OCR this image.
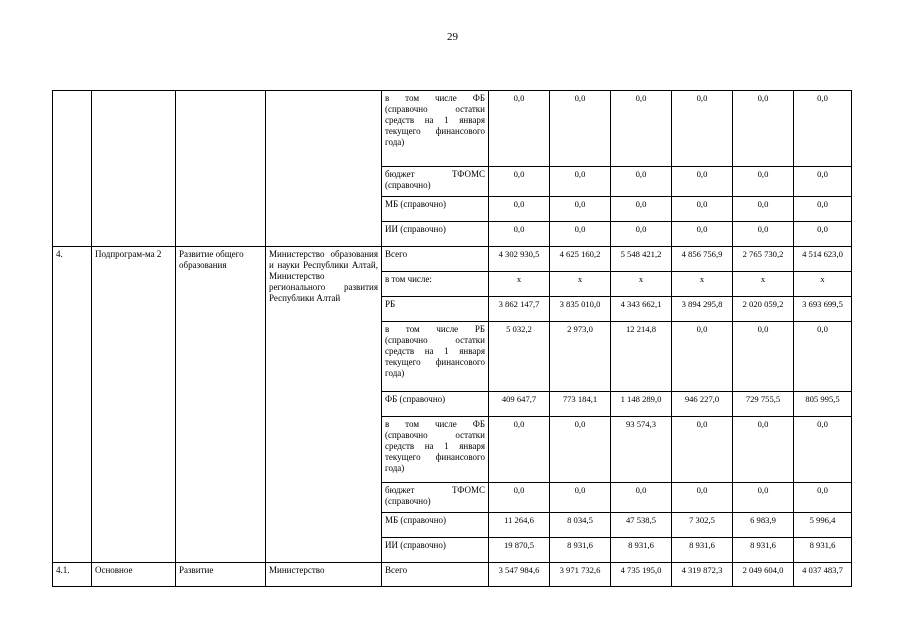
29
				в том числе ФБ (справочно остатки средств на 1 января текущего финансового года)	0,0	0,0	0,0	0,0	0,0	0,0
				бюджет ТФОМС (справочно)	0,0	0,0	0,0	0,0	0,0	0,0
				МБ (справочно)	0,0	0,0	0,0	0,0	0,0	0,0
				ИИ (справочно)	0,0	0,0	0,0	0,0	0,0	0,0
4.	Подпрограм-ма 2	Развитие общего образования	Министерство образования и науки Республики Алтай, Министерство регионального развития Республики Алтай	Всего	4 302 930,5	4 625 160,2	5 548 421,2	4 856 756,9	2 765 730,2	4 514 623,0
				в том числе:	х	х	х	х	х	х
				РБ	3 862 147,7	3 835 010,0	4 343 662,1	3 894 295,8	2 020 059,2	3 693 699,5
				в том числе РБ (справочно остатки средств на 1 января текущего финансового года)	5 032,2	2 973,0	12 214,8	0,0	0,0	0,0
				ФБ (справочно)	409 647,7	773 184,1	1 148 289,0	946 227,0	729 755,5	805 995,5
				в том числе ФБ (справочно остатки средств на 1 января текущего финансового года)	0,0	0,0	93 574,3	0,0	0,0	0,0
				бюджет ТФОМС (справочно)	0,0	0,0	0,0	0,0	0,0	0,0
				МБ (справочно)	11 264,6	8 034,5	47 538,5	7 302,5	6 983,9	5 996,4
				ИИ (справочно)	19 870,5	8 931,6	8 931,6	8 931,6	8 931,6	8 931,6
4.1.	Основное	Развитие	Министерство	Всего	3 547 984,6	3 971 732,6	4 735 195,0	4 319 872,3	2 049 604,0	4 037 483,7
